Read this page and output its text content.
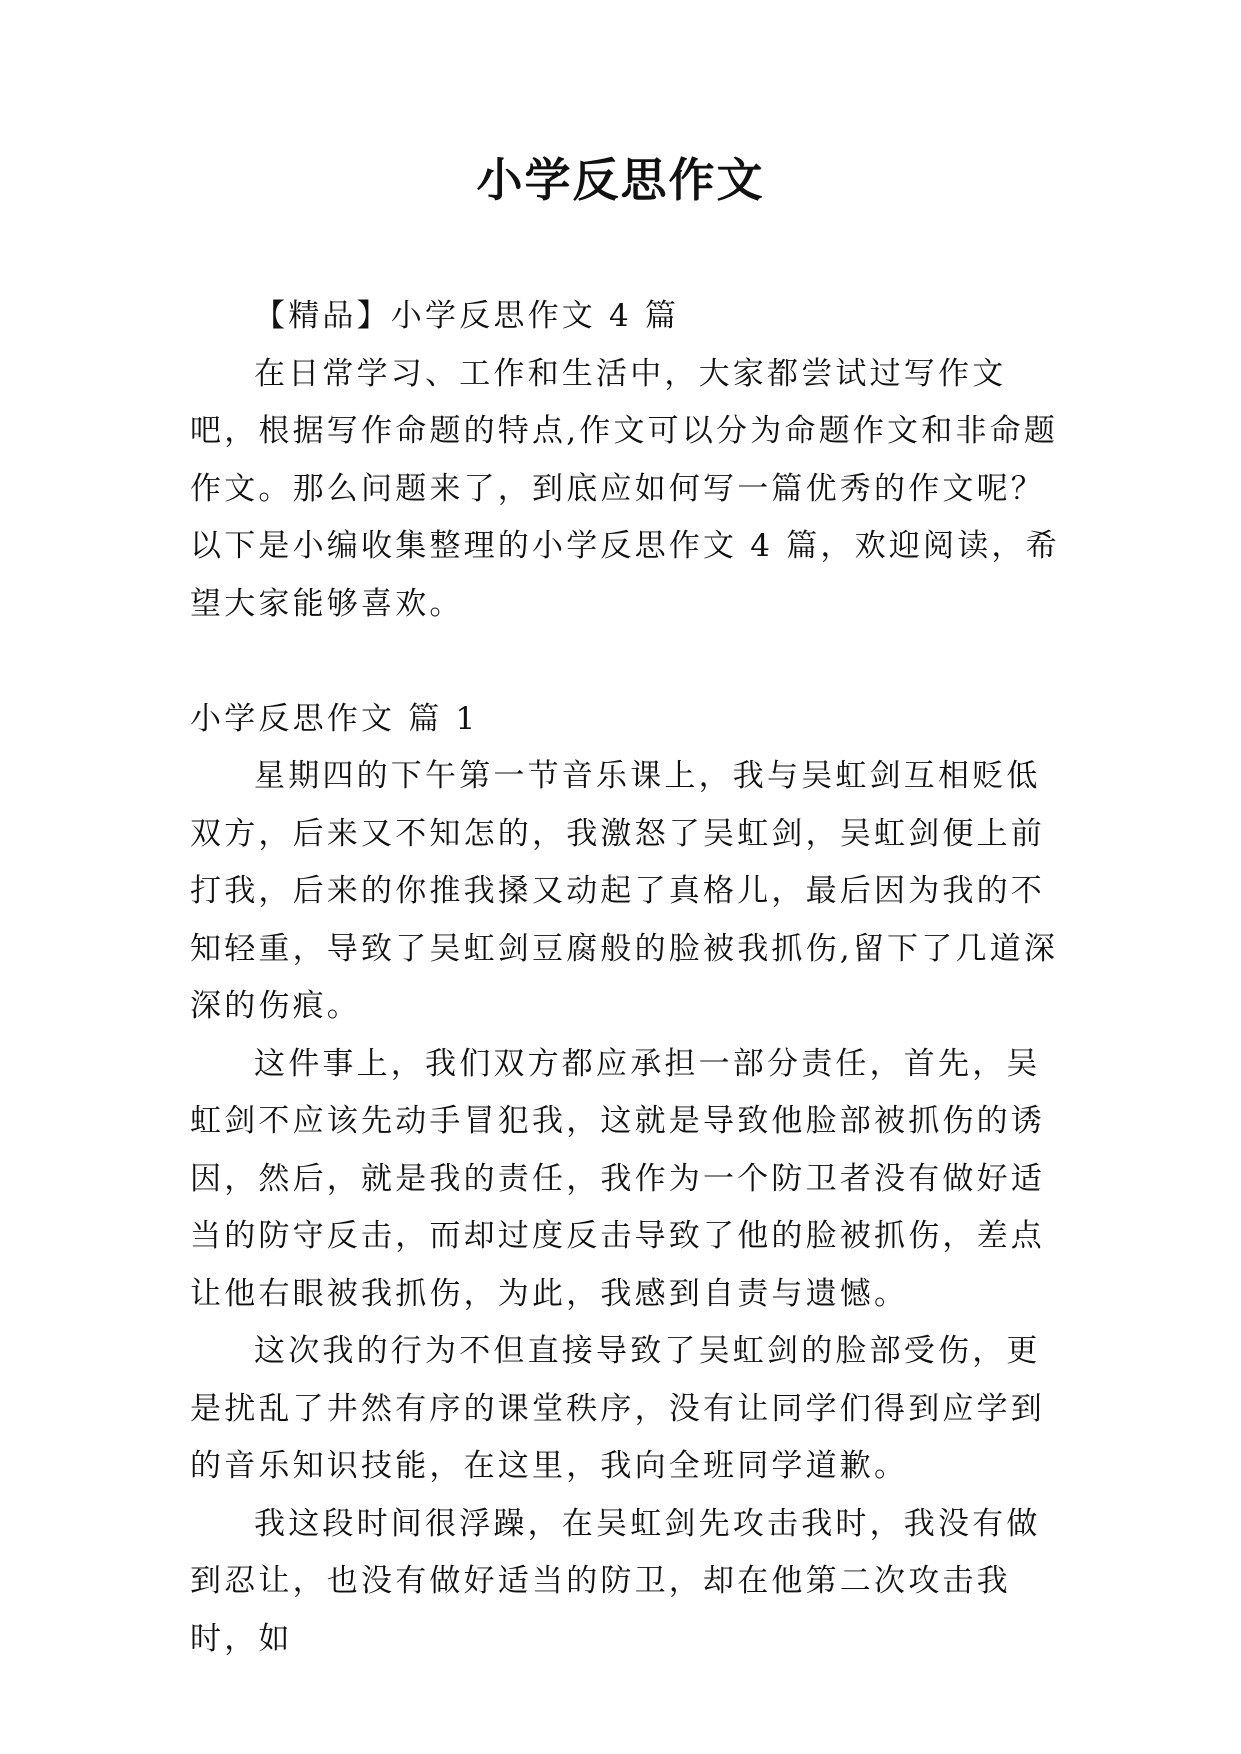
小学反思作文

【精品】小学反思作文 4 篇

在日常学习、工作和生活中，大家都尝试过写作文吧，根据写作命题的特点,作文可以分为命题作文和非命题作文。那么问题来了，到底应如何写一篇优秀的作文呢？以下是小编收集整理的小学反思作文 4 篇，欢迎阅读，希望大家能够喜欢。

小学反思作文 篇 1

星期四的下午第一节音乐课上，我与吴虹剑互相贬低双方，后来又不知怎的，我激怒了吴虹剑，吴虹剑便上前打我，后来的你推我搡又动起了真格儿，最后因为我的不知轻重，导致了吴虹剑豆腐般的脸被我抓伤,留下了几道深深的伤痕。

这件事上，我们双方都应承担一部分责任，首先，吴虹剑不应该先动手冒犯我，这就是导致他脸部被抓伤的诱因，然后，就是我的责任，我作为一个防卫者没有做好适当的防守反击，而却过度反击导致了他的脸被抓伤，差点让他右眼被我抓伤，为此，我感到自责与遗憾。

这次我的行为不但直接导致了吴虹剑的脸部受伤，更是扰乱了井然有序的课堂秩序，没有让同学们得到应学到的音乐知识技能，在这里，我向全班同学道歉。

我这段时间很浮躁，在吴虹剑先攻击我时，我没有做到忍让，也没有做好适当的防卫，却在他第二次攻击我时，如
